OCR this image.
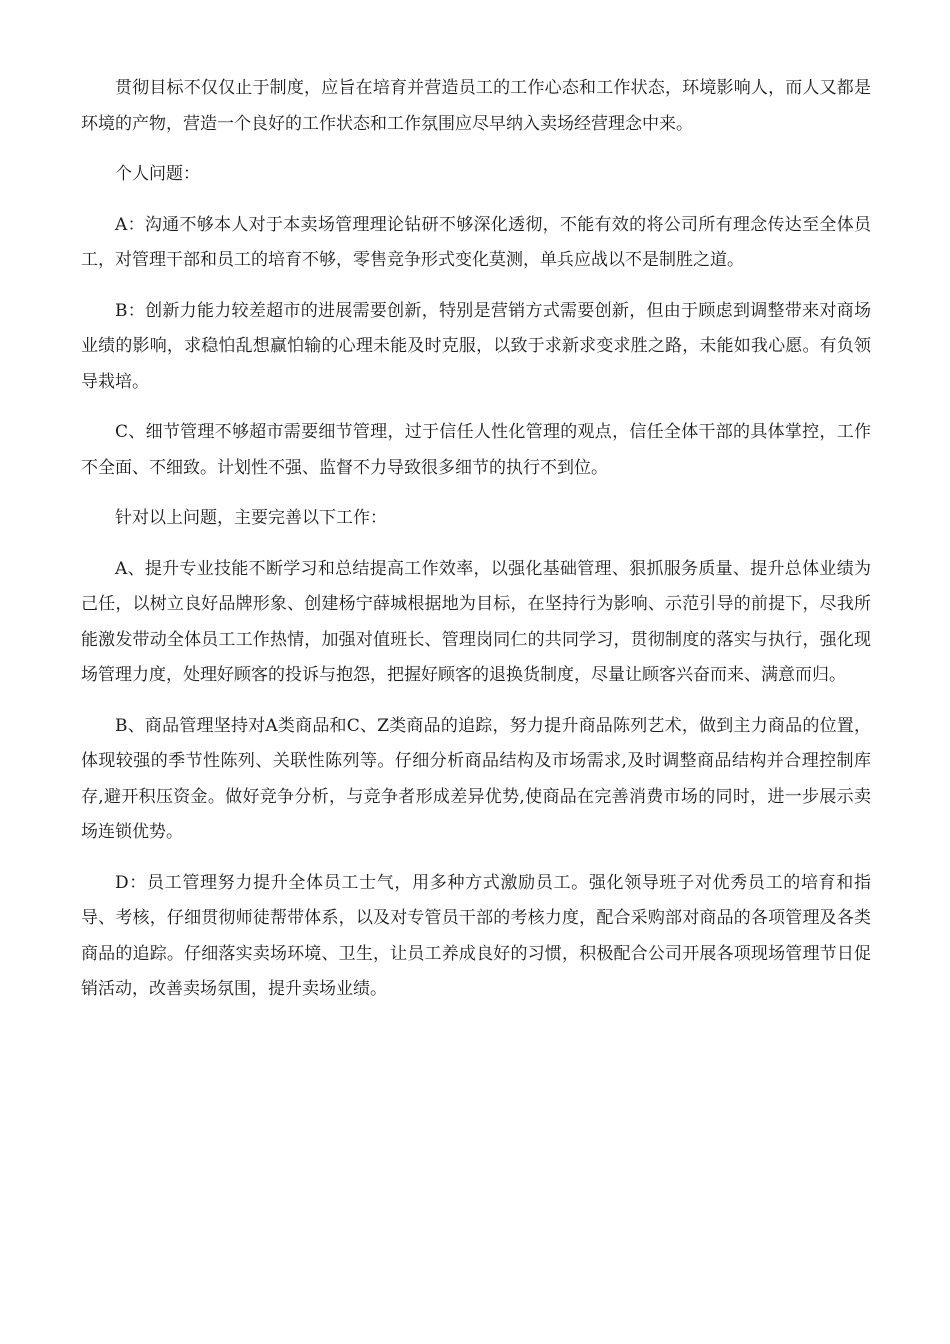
贯彻目标不仅仅止于制度，应旨在培育并营造员工的工作心态和工作状态，环境影响人，而人又都是环境的产物，营造一个良好的工作状态和工作氛围应尽早纳入卖场经营理念中来。

个人问题：

A：沟通不够本人对于本卖场管理理论钻研不够深化透彻，不能有效的将公司所有理念传达至全体员工，对管理干部和员工的培育不够，零售竞争形式变化莫测，单兵应战以不是制胜之道。

B：创新力能力较差超市的进展需要创新，特别是营销方式需要创新，但由于顾虑到调整带来对商场业绩的影响，求稳怕乱想赢怕输的心理未能及时克服，以致于求新求变求胜之路，未能如我心愿。有负领导栽培。

C、细节管理不够超市需要细节管理，过于信任人性化管理的观点，信任全体干部的具体掌控，工作不全面、不细致。计划性不强、监督不力导致很多细节的执行不到位。

针对以上问题，主要完善以下工作：

A、提升专业技能不断学习和总结提高工作效率，以强化基础管理、狠抓服务质量、提升总体业绩为己任，以树立良好品牌形象、创建杨宁薛城根据地为目标，在坚持行为影响、示范引导的前提下，尽我所能激发带动全体员工工作热情，加强对值班长、管理岗同仁的共同学习，贯彻制度的落实与执行，强化现场管理力度，处理好顾客的投诉与抱怨，把握好顾客的退换货制度，尽量让顾客兴奋而来、满意而归。

B、商品管理坚持对A类商品和C、Z类商品的追踪，努力提升商品陈列艺术，做到主力商品的位置，体现较强的季节性陈列、关联性陈列等。仔细分析商品结构及市场需求,及时调整商品结构并合理控制库存,避开积压资金。做好竞争分析，与竞争者形成差异优势,使商品在完善消费市场的同时，进一步展示卖场连锁优势。

D：员工管理努力提升全体员工士气，用多种方式激励员工。强化领导班子对优秀员工的培育和指导、考核，仔细贯彻师徒帮带体系，以及对专管员干部的考核力度，配合采购部对商品的各项管理及各类商品的追踪。仔细落实卖场环境、卫生，让员工养成良好的习惯，积极配合公司开展各项现场管理节日促销活动，改善卖场氛围，提升卖场业绩。
